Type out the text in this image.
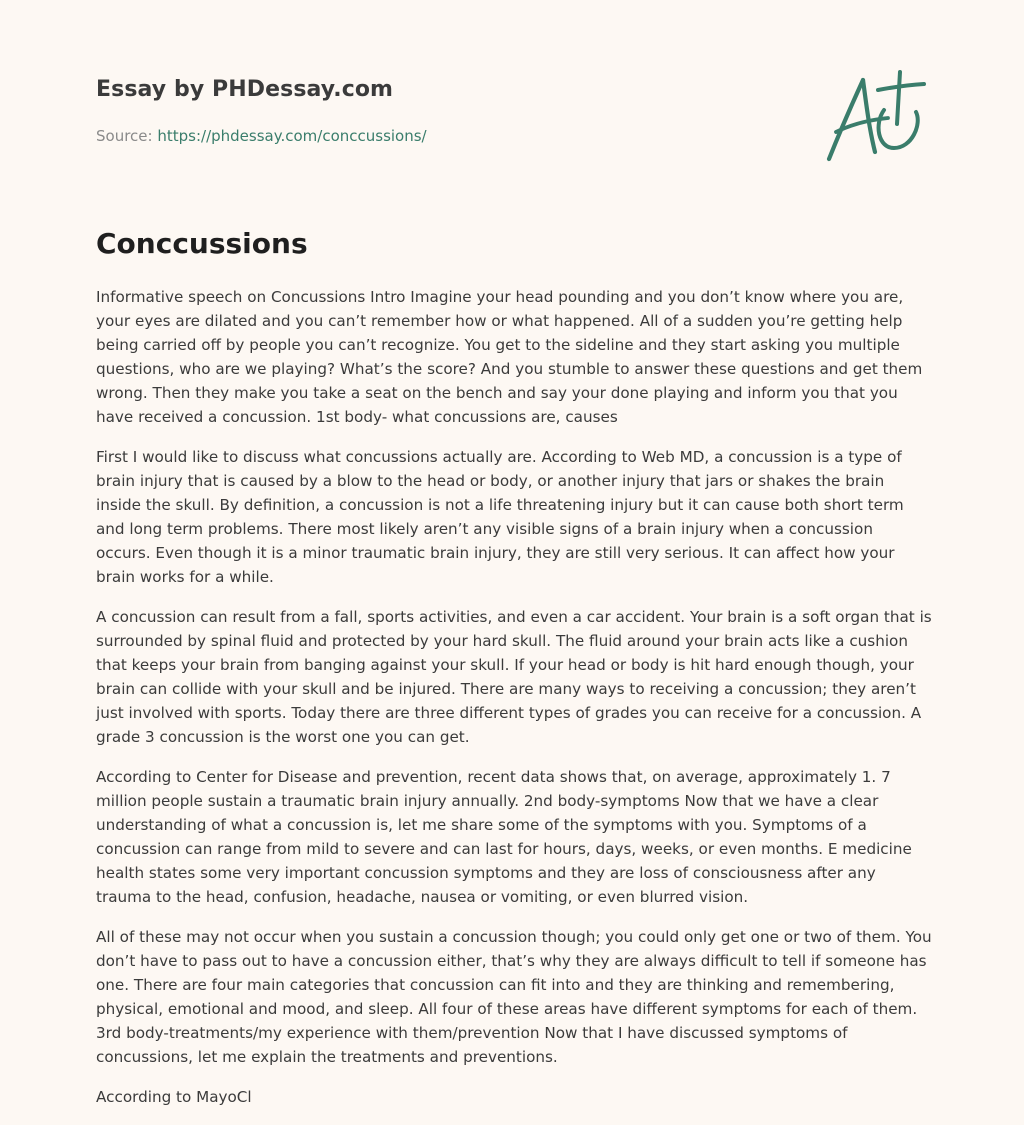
Essay by PHDessay.com
Source: https://phdessay.com/conccussions/
Conccussions

Informative speech on Concussions Intro Imagine your head pounding and you don’t know where you are, your eyes are dilated and you can’t remember how or what happened. All of a sudden you’re getting help being carried off by people you can’t recognize. You get to the sideline and they start asking you multiple questions, who are we playing? What’s the score? And you stumble to answer these questions and get them wrong. Then they make you take a seat on the bench and say your done playing and inform you that you have received a concussion. 1st body- what concussions are, causes

First I would like to discuss what concussions actually are. According to Web MD, a concussion is a type of brain injury that is caused by a blow to the head or body, or another injury that jars or shakes the brain inside the skull. By definition, a concussion is not a life threatening injury but it can cause both short term and long term problems. There most likely aren’t any visible signs of a brain injury when a concussion occurs. Even though it is a minor traumatic brain injury, they are still very serious. It can affect how your brain works for a while.

A concussion can result from a fall, sports activities, and even a car accident. Your brain is a soft organ that is surrounded by spinal fluid and protected by your hard skull. The fluid around your brain acts like a cushion that keeps your brain from banging against your skull. If your head or body is hit hard enough though, your brain can collide with your skull and be injured. There are many ways to receiving a concussion; they aren’t just involved with sports. Today there are three different types of grades you can receive for a concussion. A grade 3 concussion is the worst one you can get.

According to Center for Disease and prevention, recent data shows that, on average, approximately 1. 7 million people sustain a traumatic brain injury annually. 2nd body-symptoms Now that we have a clear understanding of what a concussion is, let me share some of the symptoms with you. Symptoms of a concussion can range from mild to severe and can last for hours, days, weeks, or even months. E medicine health states some very important concussion symptoms and they are loss of consciousness after any trauma to the head, confusion, headache, nausea or vomiting, or even blurred vision.

All of these may not occur when you sustain a concussion though; you could only get one or two of them. You don’t have to pass out to have a concussion either, that’s why they are always difficult to tell if someone has one. There are four main categories that concussion can fit into and they are thinking and remembering, physical, emotional and mood, and sleep. All four of these areas have different symptoms for each of them. 3rd body-treatments/my experience with them/prevention Now that I have discussed symptoms of concussions, let me explain the treatments and preventions.

According to MayoCl
